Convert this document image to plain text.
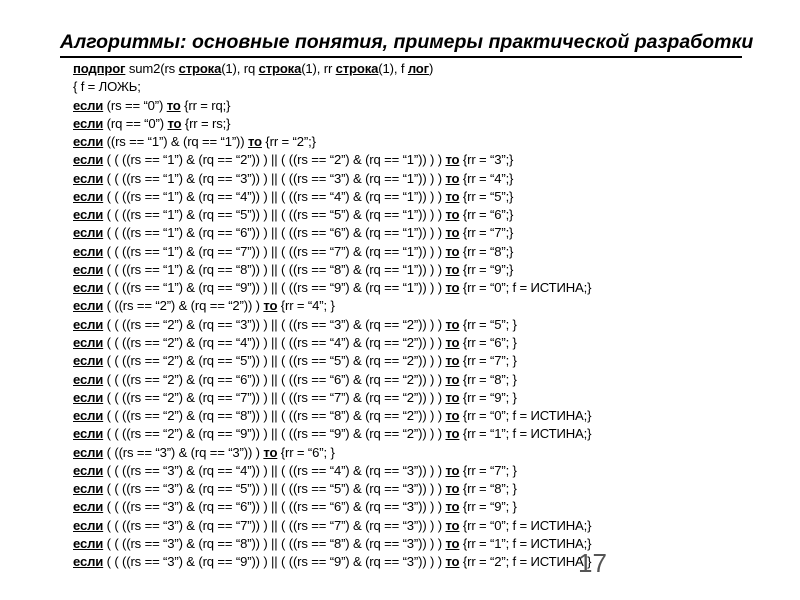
Алгоритмы: основные понятия, примеры практической разработки
подпрог sum2(rs строка(1), rq строка(1), rr строка(1), f лог)
{ f = ЛОЖЬ;
если (rs == “0”) то {rr = rq;}
если (rq == “0”) то {rr = rs;}
если ((rs == “1”) & (rq == “1”)) то {rr = “2”;}
если ( ( ((rs == “1”) & (rq == “2”)) ) || ( ((rs == “2”) & (rq == “1”)) ) ) то {rr = “3”;}
если ( ( ((rs == “1”) & (rq == “3”)) ) || ( ((rs == “3”) & (rq == “1”)) ) ) то {rr = “4”;}
если ( ( ((rs == “1”) & (rq == “4”)) ) || ( ((rs == “4”) & (rq == “1”)) ) ) то {rr = “5”;}
если ( ( ((rs == “1”) & (rq == “5”)) ) || ( ((rs == “5”) & (rq == “1”)) ) ) то {rr = “6”;}
если ( ( ((rs == “1”) & (rq == “6”)) ) || ( ((rs == “6”) & (rq == “1”)) ) ) то {rr = “7”;}
если ( ( ((rs == “1”) & (rq == “7”)) ) || ( ((rs == “7”) & (rq == “1”)) ) ) то {rr = “8”;}
если ( ( ((rs == “1”) & (rq == “8”)) ) || ( ((rs == “8”) & (rq == “1”)) ) ) то {rr = “9”;}
если ( ( ((rs == “1”) & (rq == “9”)) ) || ( ((rs == “9”) & (rq == “1”)) ) ) то {rr = “0”; f = ИСТИНА;}
если ( ((rs == “2”) & (rq == “2”)) ) то {rr = “4”; }
если ( ( ((rs == “2”) & (rq == “3”)) ) || ( ((rs == “3”) & (rq == “2”)) ) ) то {rr = “5”; }
если ( ( ((rs == “2”) & (rq == “4”)) ) || ( ((rs == “4”) & (rq == “2”)) ) ) то {rr = “6”; }
если ( ( ((rs == “2”) & (rq == “5”)) ) || ( ((rs == “5”) & (rq == “2”)) ) ) то {rr = “7”; }
если ( ( ((rs == “2”) & (rq == “6”)) ) || ( ((rs == “6”) & (rq == “2”)) ) ) то {rr = “8”; }
если ( ( ((rs == “2”) & (rq == “7”)) ) || ( ((rs == “7”) & (rq == “2”)) ) ) то {rr = “9”; }
если ( ( ((rs == “2”) & (rq == “8”)) ) || ( ((rs == “8”) & (rq == “2”)) ) ) то {rr = “0”; f = ИСТИНА;}
если ( ( ((rs == “2”) & (rq == “9”)) ) || ( ((rs == “9”) & (rq == “2”)) ) ) то {rr = “1”; f = ИСТИНА;}
если ( ((rs == “3”) & (rq == “3”)) ) то {rr = “6”; }
если ( ( ((rs == “3”) & (rq == “4”)) ) || ( ((rs == “4”) & (rq == “3”)) ) ) то {rr = “7”; }
если ( ( ((rs == “3”) & (rq == “5”)) ) || ( ((rs == “5”) & (rq == “3”)) ) ) то {rr = “8”; }
если ( ( ((rs == “3”) & (rq == “6”)) ) || ( ((rs == “6”) & (rq == “3”)) ) ) то {rr = “9”; }
если ( ( ((rs == “3”) & (rq == “7”)) ) || ( ((rs == “7”) & (rq == “3”)) ) ) то {rr = “0”; f = ИСТИНА;}
если ( ( ((rs == “3”) & (rq == “8”)) ) || ( ((rs == “8”) & (rq == “3”)) ) ) то {rr = “1”; f = ИСТИНА;}
если ( ( ((rs == “3”) & (rq == “9”)) ) || ( ((rs == “9”) & (rq == “3”)) ) ) то {rr = “2”; f = ИСТИНА;}
17
